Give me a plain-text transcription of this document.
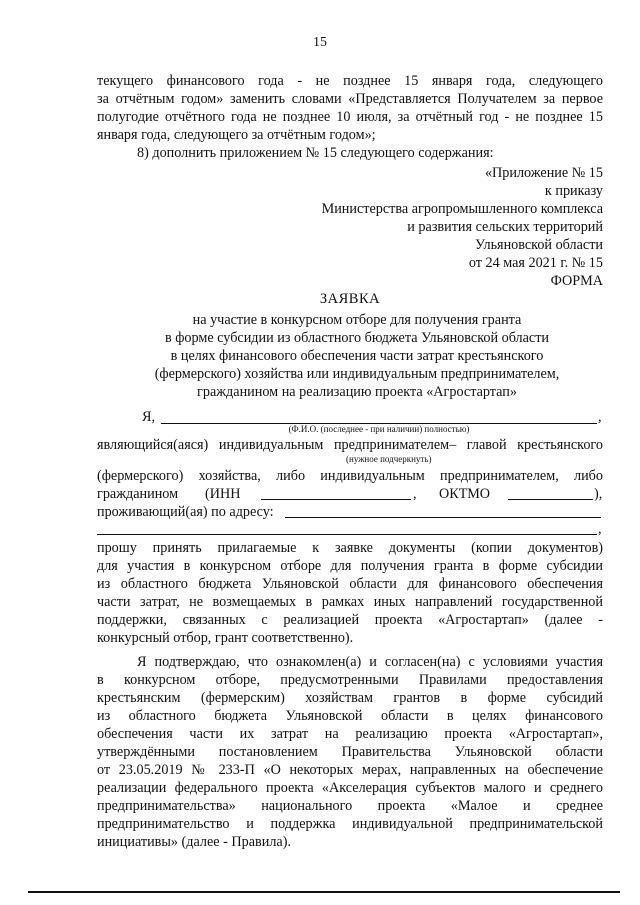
15
текущего финансового года - не позднее 15 января года, следующего
за отчётным годом» заменить словами «Представляется Получателем за первое
полугодие отчётного года не позднее 10 июля, за отчётный год - не позднее 15
января года, следующего за отчётным годом»;
8) дополнить приложением № 15 следующего содержания:
«Приложение № 15
к приказу
Министерства агропромышленного комплекса
и развития сельских территорий
Ульяновской области
от 24 мая 2021 г. № 15
ФОРМА
ЗАЯВКА
на участие в конкурсном отборе для получения гранта
в форме субсидии из областного бюджета Ульяновской области
в целях финансового обеспечения части затрат крестьянского
(фермерского) хозяйства или индивидуальным предпринимателем,
гражданином на реализацию проекта «Агростартап»
Я,	,
(Ф.И.О. (последнее - при наличии) полностью)
являющийся(аяся) индивидуальным предпринимателем– главой крестьянского
(нужное подчеркнуть)
(фермерского) хозяйства, либо индивидуальным предпринимателем, либо
гражданином (ИНН	, ОКТМО	),
проживающий(ая) по адресу:
,
прошу принять прилагаемые к заявке документы (копии документов)
для участия в конкурсном отборе для получения гранта в форме субсидии
из областного бюджета Ульяновской области для финансового обеспечения
части затрат, не возмещаемых в рамках иных направлений государственной
поддержки, связанных с реализацией проекта «Агростартап» (далее -
конкурсный отбор, грант соответственно).
Я подтверждаю, что ознакомлен(а) и согласен(на) с условиями участия
в конкурсном отборе, предусмотренными Правилами предоставления
крестьянским (фермерским) хозяйствам грантов в форме субсидий
из областного бюджета Ульяновской области в целях финансового
обеспечения части их затрат на реализацию проекта «Агростартап»,
утверждёнными постановлением Правительства Ульяновской области
от 23.05.2019 № 233-П «О некоторых мерах, направленных на обеспечение
реализации федерального проекта «Акселерация субъектов малого и среднего
предпринимательства» национального проекта «Малое и среднее
предпринимательство и поддержка индивидуальной предпринимательской
инициативы» (далее - Правила).
